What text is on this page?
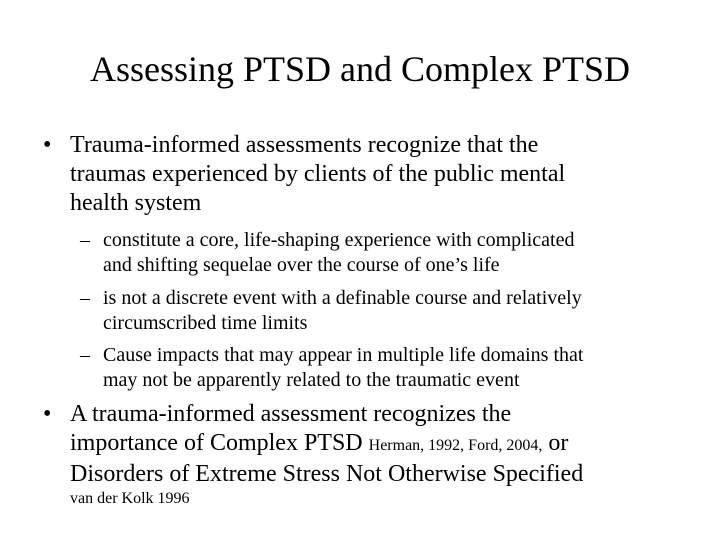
Assessing PTSD and Complex PTSD
• Trauma-informed assessments recognize that the
traumas experienced by clients of the public mental
health system
– constitute a core, life-shaping experience with complicated
and shifting sequelae over the course of one’s life
– is not a discrete event with a definable course and relatively
circumscribed time limits
– Cause impacts that may appear in multiple life domains that
may not be apparently related to the traumatic event
• A trauma-informed assessment recognizes the
importance of Complex PTSD Herman, 1992, Ford, 2004, or
Disorders of Extreme Stress Not Otherwise Specified
van der Kolk 1996
